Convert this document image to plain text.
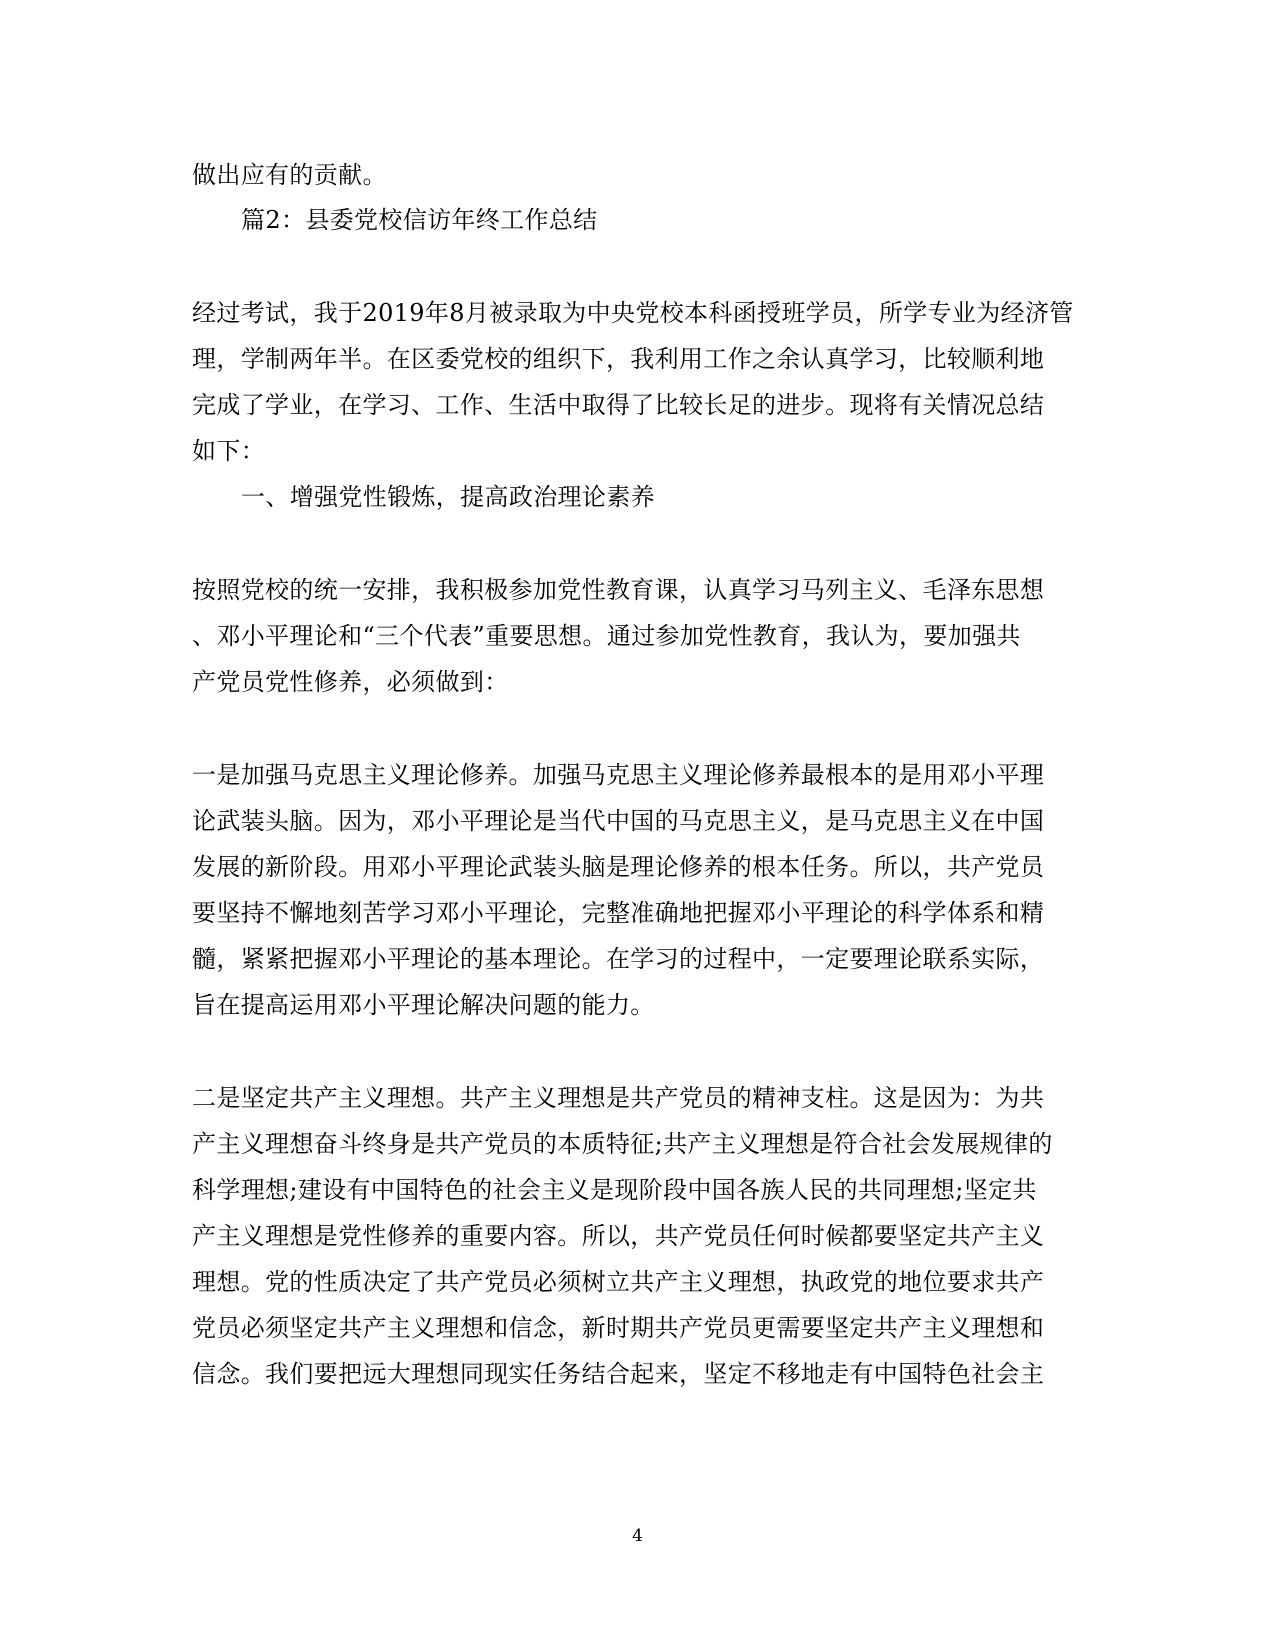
做出应有的贡献。
篇2：县委党校信访年终工作总结
经过考试，我于2019年8月被录取为中央党校本科函授班学员，所学专业为经济管
理，学制两年半。在区委党校的组织下，我利用工作之余认真学习，比较顺利地
完成了学业，在学习、工作、生活中取得了比较长足的进步。现将有关情况总结
如下：
一、增强党性锻炼，提高政治理论素养
按照党校的统一安排，我积极参加党性教育课，认真学习马列主义、毛泽东思想
、邓小平理论和“三个代表”重要思想。通过参加党性教育，我认为，要加强共
产党员党性修养，必须做到：
一是加强马克思主义理论修养。加强马克思主义理论修养最根本的是用邓小平理
论武装头脑。因为，邓小平理论是当代中国的马克思主义，是马克思主义在中国
发展的新阶段。用邓小平理论武装头脑是理论修养的根本任务。所以，共产党员
要坚持不懈地刻苦学习邓小平理论，完整准确地把握邓小平理论的科学体系和精
髓，紧紧把握邓小平理论的基本理论。在学习的过程中，一定要理论联系实际，
旨在提高运用邓小平理论解决问题的能力。
二是坚定共产主义理想。共产主义理想是共产党员的精神支柱。这是因为：为共
产主义理想奋斗终身是共产党员的本质特征;共产主义理想是符合社会发展规律的
科学理想;建设有中国特色的社会主义是现阶段中国各族人民的共同理想;坚定共
产主义理想是党性修养的重要内容。所以，共产党员任何时候都要坚定共产主义
理想。党的性质决定了共产党员必须树立共产主义理想，执政党的地位要求共产
党员必须坚定共产主义理想和信念，新时期共产党员更需要坚定共产主义理想和
信念。我们要把远大理想同现实任务结合起来，坚定不移地走有中国特色社会主
4
